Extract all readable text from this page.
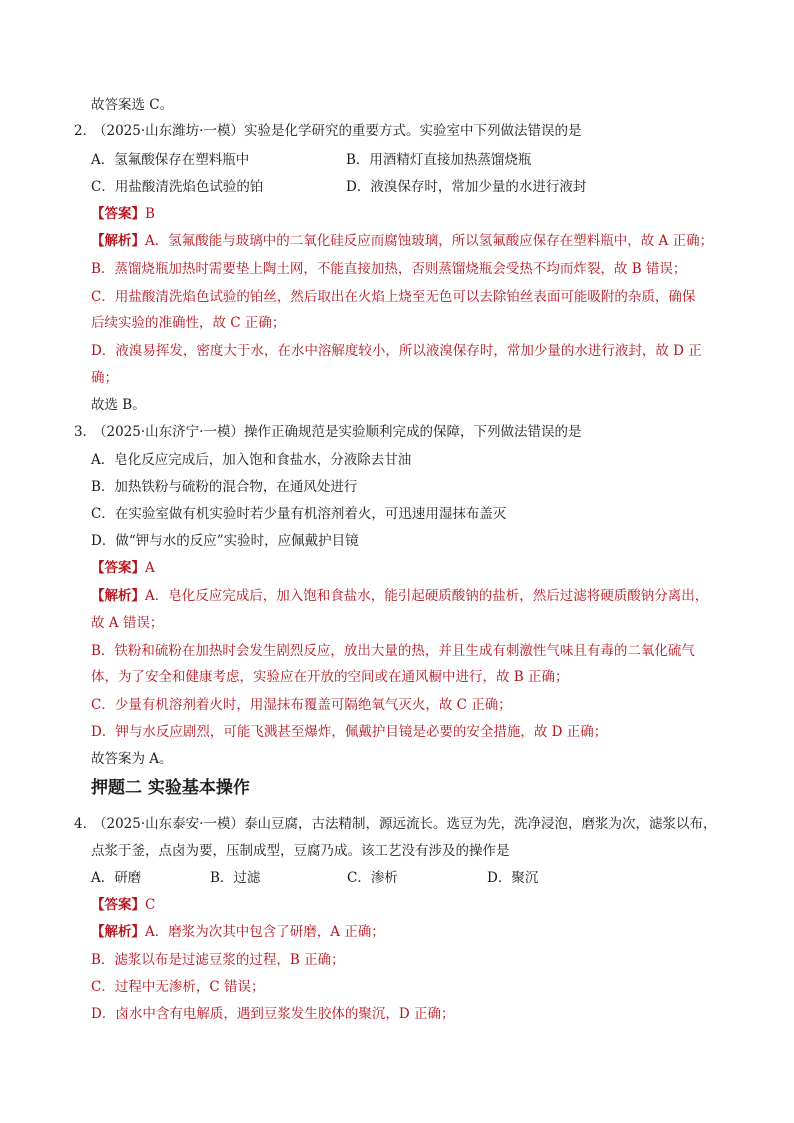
故答案选 C。
2．
（2025·山东潍坊·一模）实验是化学研究的重要方式。实验室中下列做法错误的是
A．氢氟酸保存在塑料瓶中	B．用酒精灯直接加热蒸馏烧瓶
C．用盐酸清洗焰色试验的铂	D．液溴保存时，常加少量的水进行液封
【答案】B
【解析】A．氢氟酸能与玻璃中的二氧化硅反应而腐蚀玻璃，所以氢氟酸应保存在塑料瓶中，故 A 正确；
B．蒸馏烧瓶加热时需要垫上陶土网，不能直接加热，否则蒸馏烧瓶会受热不均而炸裂，故 B 错误；
C．用盐酸清洗焰色试验的铂丝，然后取出在火焰上烧至无色可以去除铂丝表面可能吸附的杂质，确保
后续实验的准确性，故 C 正确；
D．液溴易挥发，密度大于水，在水中溶解度较小，所以液溴保存时，常加少量的水进行液封，故 D 正
确；
故选 B。
3．
（2025·山东济宁·一模）操作正确规范是实验顺利完成的保障，下列做法错误的是
A．皂化反应完成后，加入饱和食盐水，分液除去甘油
B．加热铁粉与硫粉的混合物，在通风处进行
C．在实验室做有机实验时若少量有机溶剂着火，可迅速用湿抹布盖灭
D．做“钾与水的反应”实验时，应佩戴护目镜
【答案】A
【解析】A．皂化反应完成后，加入饱和食盐水，能引起硬质酸钠的盐析，然后过滤将硬质酸钠分离出，
故 A 错误；
B．铁粉和硫粉在加热时会发生剧烈反应，放出大量的热，并且生成有刺激性气味且有毒的二氧化硫气
体，为了安全和健康考虑，实验应在开放的空间或在通风橱中进行，故 B 正确；
C．少量有机溶剂着火时，用湿抹布覆盖可隔绝氧气灭火，故 C 正确；
D．钾与水反应剧烈，可能飞溅甚至爆炸，佩戴护目镜是必要的安全措施，故 D 正确；
故答案为 A。
押题二 实验基本操作
4．
（2025·山东泰安·一模）泰山豆腐，古法精制，源远流长。选豆为先，洗净浸泡，磨浆为次，滤浆以布，
点浆于釜，点卤为要，压制成型，豆腐乃成。该工艺没有涉及的操作是
A．研磨	B．过滤	C．渗析	D．聚沉
【答案】C
【解析】A．磨浆为次其中包含了研磨，A 正确；
B．滤浆以布是过滤豆浆的过程，B 正确；
C．过程中无渗析，C 错误；
D．卤水中含有电解质，遇到豆浆发生胶体的聚沉，D 正确；
